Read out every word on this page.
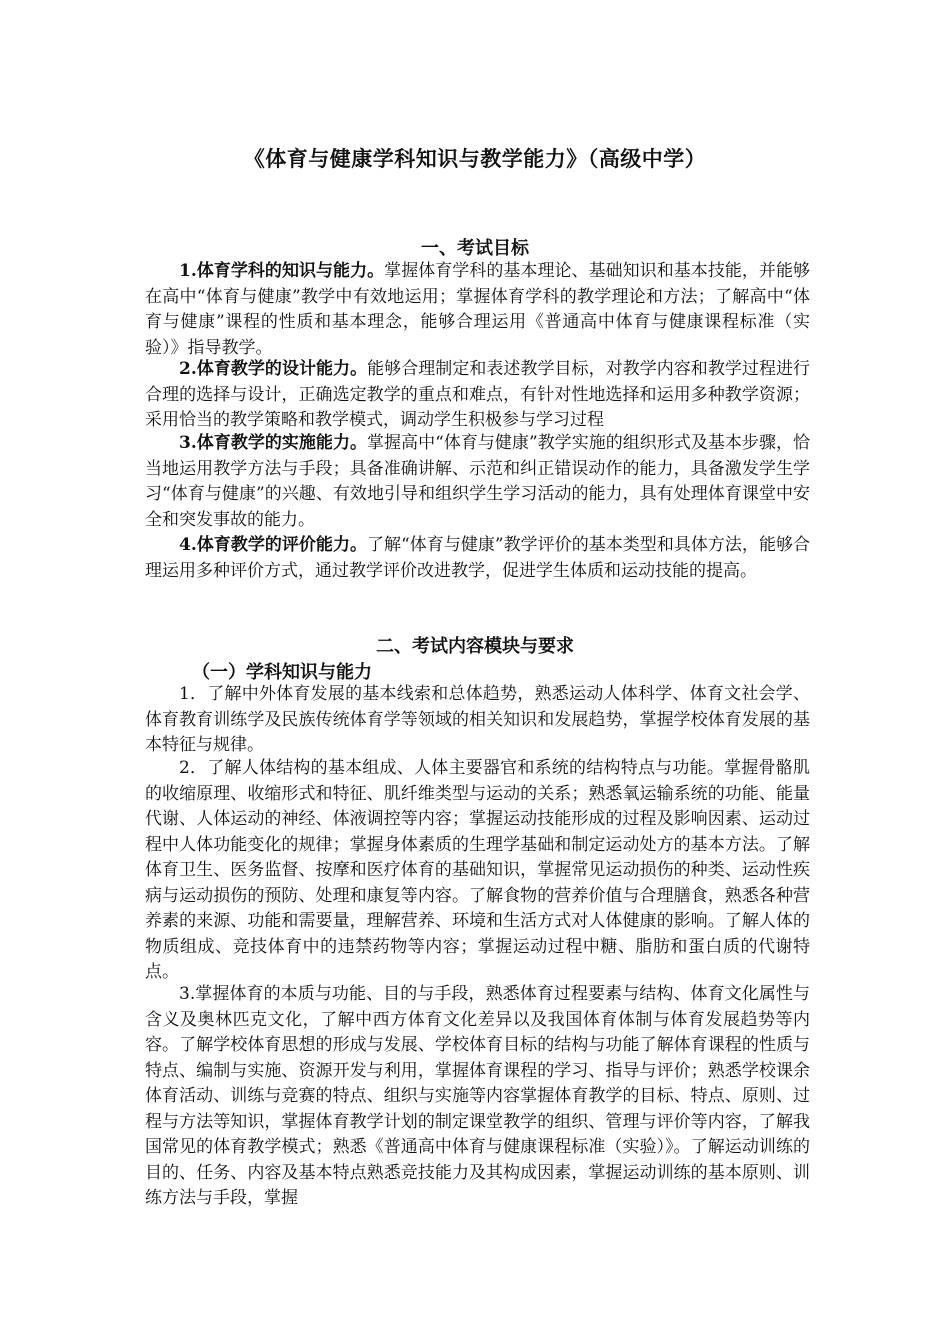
《体育与健康学科知识与教学能力》（高级中学）
一、考试目标

1.体育学科的知识与能力。掌握体育学科的基本理论、基础知识和基本技能，并能够在高中“体育与健康”教学中有效地运用；掌握体育学科的教学理论和方法；了解高中“体育与健康”课程的性质和基本理念，能够合理运用《普通高中体育与健康课程标准（实验）》指导教学。

2.体育教学的设计能力。能够合理制定和表述教学目标，对教学内容和教学过程进行合理的选择与设计，正确选定教学的重点和难点，有针对性地选择和运用多种教学资源；采用恰当的教学策略和教学模式，调动学生积极参与学习过程

3.体育教学的实施能力。掌握高中“体育与健康”教学实施的组织形式及基本步骤，恰当地运用教学方法与手段；具备准确讲解、示范和纠正错误动作的能力，具备激发学生学习“体育与健康”的兴趣、有效地引导和组织学生学习活动的能力，具有处理体育课堂中安全和突发事故的能力。

4.体育教学的评价能力。了解“体育与健康”教学评价的基本类型和具体方法，能够合理运用多种评价方式，通过教学评价改进教学，促进学生体质和运动技能的提高。

二、考试内容模块与要求
（一）学科知识与能力

1．了解中外体育发展的基本线索和总体趋势，熟悉运动人体科学、体育文社会学、体育教育训练学及民族传统体育学等领域的相关知识和发展趋势，掌握学校体育发展的基本特征与规律。

2．了解人体结构的基本组成、人体主要器官和系统的结构特点与功能。掌握骨骼肌的收缩原理、收缩形式和特征、肌纤维类型与运动的关系；熟悉氧运输系统的功能、能量代谢、人体运动的神经、体液调控等内容；掌握运动技能形成的过程及影响因素、运动过程中人体功能变化的规律；掌握身体素质的生理学基础和制定运动处方的基本方法。了解体育卫生、医务监督、按摩和医疗体育的基础知识，掌握常见运动损伤的种类、运动性疾病与运动损伤的预防、处理和康复等内容。了解食物的营养价值与合理膳食，熟悉各种营养素的来源、功能和需要量，理解营养、环境和生活方式对人体健康的影响。了解人体的物质组成、竞技体育中的违禁药物等内容；掌握运动过程中糖、脂肪和蛋白质的代谢特点。

3.掌握体育的本质与功能、目的与手段，熟悉体育过程要素与结构、体育文化属性与含义及奥林匹克文化，了解中西方体育文化差异以及我国体育体制与体育发展趋势等内容。了解学校体育思想的形成与发展、学校体育目标的结构与功能了解体育课程的性质与特点、编制与实施、资源开发与利用，掌握体育课程的学习、指导与评价；熟悉学校课余体育活动、训练与竞赛的特点、组织与实施等内容掌握体育教学的目标、特点、原则、过程与方法等知识，掌握体育教学计划的制定课堂教学的组织、管理与评价等内容，了解我国常见的体育教学模式；熟悉《普通高中体育与健康课程标准（实验）》。了解运动训练的目的、任务、内容及基本特点熟悉竞技能力及其构成因素，掌握运动训练的基本原则、训练方法与手段，掌握
